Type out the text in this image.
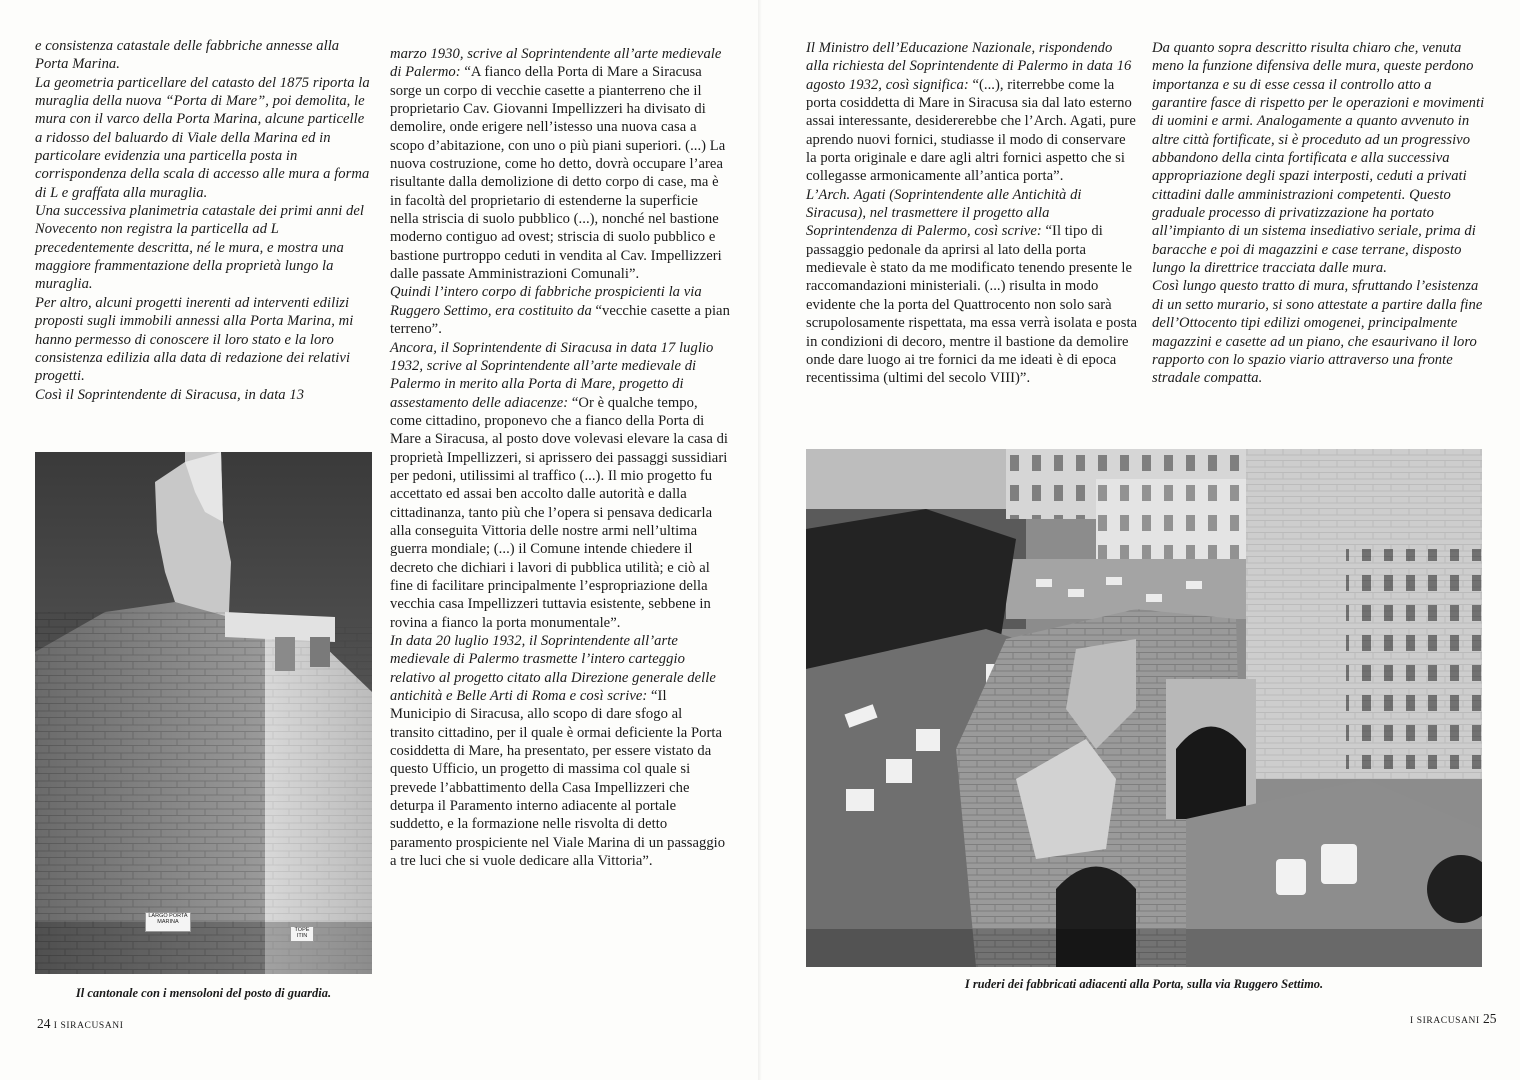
e consistenza catastale delle fabbriche annesse alla Porta Marina.

La geometria particellare del catasto del 1875 riporta la muraglia della nuova “Porta di Mare”, poi demolita, le mura con il varco della Porta Marina, alcune particelle a ridosso del baluardo di Viale della Marina ed in particolare evidenzia una particella posta in corrispondenza della scala di accesso alle mura a forma di L e graffata alla muraglia.

Una successiva planimetria catastale dei primi anni del Novecento non registra la particella ad L precedentemente descritta, né le mura, e mostra una maggiore frammentazione della proprietà lungo la muraglia.

Per altro, alcuni progetti inerenti ad interventi edilizi proposti sugli immobili annessi alla Porta Marina, mi hanno permesso di conoscere il loro stato e la loro consistenza edilizia alla data di redazione dei relativi progetti.

Così il Soprintendente di Siracusa, in data 13

LARGO PORTA MARINA
TOPE ITIN
Il cantonale con i mensoloni del posto di guardia.

marzo 1930, scrive al Soprintendente all’arte medievale di Palermo: “A fianco della Porta di Mare a Siracusa sorge un corpo di vecchie casette a pianterreno che il proprietario Cav. Giovanni Impellizzeri ha divisato di demolire, onde erigere nell’istesso una nuova casa a scopo d’abitazione, con uno o più piani superiori. (...) La nuova costruzione, come ho detto, dovrà occupare l’area risultante dalla demolizione di detto corpo di case, ma è in facoltà del proprietario di estenderne la superficie nella striscia di suolo pubblico (...), nonché nel bastione moderno contiguo ad ovest; striscia di suolo pubblico e bastione purtroppo ceduti in vendita al Cav. Impellizzeri dalle passate Amministrazioni Comunali”.

Quindi l’intero corpo di fabbriche prospicienti la via Ruggero Settimo, era costituito da “vecchie casette a pian terreno”.

Ancora, il Soprintendente di Siracusa in data 17 luglio 1932, scrive al Soprintendente all’arte medievale di Palermo in merito alla Porta di Mare, progetto di assestamento delle adiacenze: “Or è qualche tempo, come cittadino, proponevo che a fianco della Porta di Mare a Siracusa, al posto dove volevasi elevare la casa di proprietà Impellizzeri, si aprissero dei passaggi sussidiari per pedoni, utilissimi al traffico (...). Il mio progetto fu accettato ed assai ben accolto dalle autorità e dalla cittadinanza, tanto più che l’opera si pensava dedicarla alla conseguita Vittoria delle nostre armi nell’ultima guerra mondiale; (...) il Comune intende chiedere il decreto che dichiari i lavori di pubblica utilità; e ciò al fine di facilitare principalmente l’espropriazione della vecchia casa Impellizzeri tuttavia esistente, sebbene in rovina a fianco la porta monumentale”.

In data 20 luglio 1932, il Soprintendente all’arte medievale di Palermo trasmette l’intero carteggio relativo al progetto citato alla Direzione generale delle antichità e Belle Arti di Roma e così scrive: “Il Municipio di Siracusa, allo scopo di dare sfogo al transito cittadino, per il quale è ormai deficiente la Porta cosiddetta di Mare, ha presentato, per essere vistato da questo Ufficio, un progetto di massima col quale si prevede l’abbattimento della Casa Impellizzeri che deturpa il Paramento interno adiacente al portale suddetto, e la formazione nelle risvolta di detto paramento prospiciente nel Viale Marina di un passaggio a tre luci che si vuole dedicare alla Vittoria”.

24 I SIRACUSANI

Il Ministro dell’Educazione Nazionale, rispondendo alla richiesta del Soprintendente di Palermo in data 16 agosto 1932, così significa: “(...), riterrebbe come la porta cosiddetta di Mare in Siracusa sia dal lato esterno assai interessante, desidererebbe che l’Arch. Agati, pure aprendo nuovi fornici, studiasse il modo di conservare la porta originale e dare agli altri fornici aspetto che si collegasse armonicamente all’antica porta”.

L’Arch. Agati (Soprintendente alle Antichità di Siracusa), nel trasmettere il progetto alla Soprintendenza di Palermo, così scrive: “Il tipo di passaggio pedonale da aprirsi al lato della porta medievale è stato da me modificato tenendo presente le raccomandazioni ministeriali. (...) risulta in modo evidente che la porta del Quattrocento non solo sarà scrupolosamente rispettata, ma essa verrà isolata e posta in condizioni di decoro, mentre il bastione da demolire onde dare luogo ai tre fornici da me ideati è di epoca recentissima (ultimi del secolo VIII)”.

Da quanto sopra descritto risulta chiaro che, venuta meno la funzione difensiva delle mura, queste perdono importanza e su di esse cessa il controllo atto a garantire fasce di rispetto per le operazioni e movimenti di uomini e armi. Analogamente a quanto avvenuto in altre città fortificate, si è proceduto ad un progressivo abbandono della cinta fortificata e alla successiva appropriazione degli spazi interposti, ceduti a privati cittadini dalle amministrazioni competenti. Questo graduale processo di privatizzazione ha portato all’impianto di un sistema insediativo seriale, prima di baracche e poi di magazzini e case terrane, disposto lungo la direttrice tracciata dalle mura.

Così lungo questo tratto di mura, sfruttando l’esistenza di un setto murario, si sono attestate a partire dalla fine dell’Ottocento tipi edilizi omogenei, principalmente magazzini e casette ad un piano, che esaurivano il loro rapporto con lo spazio viario attraverso una fronte stradale compatta.

I ruderi dei fabbricati adiacenti alla Porta, sulla via Ruggero Settimo.
I SIRACUSANI 25
